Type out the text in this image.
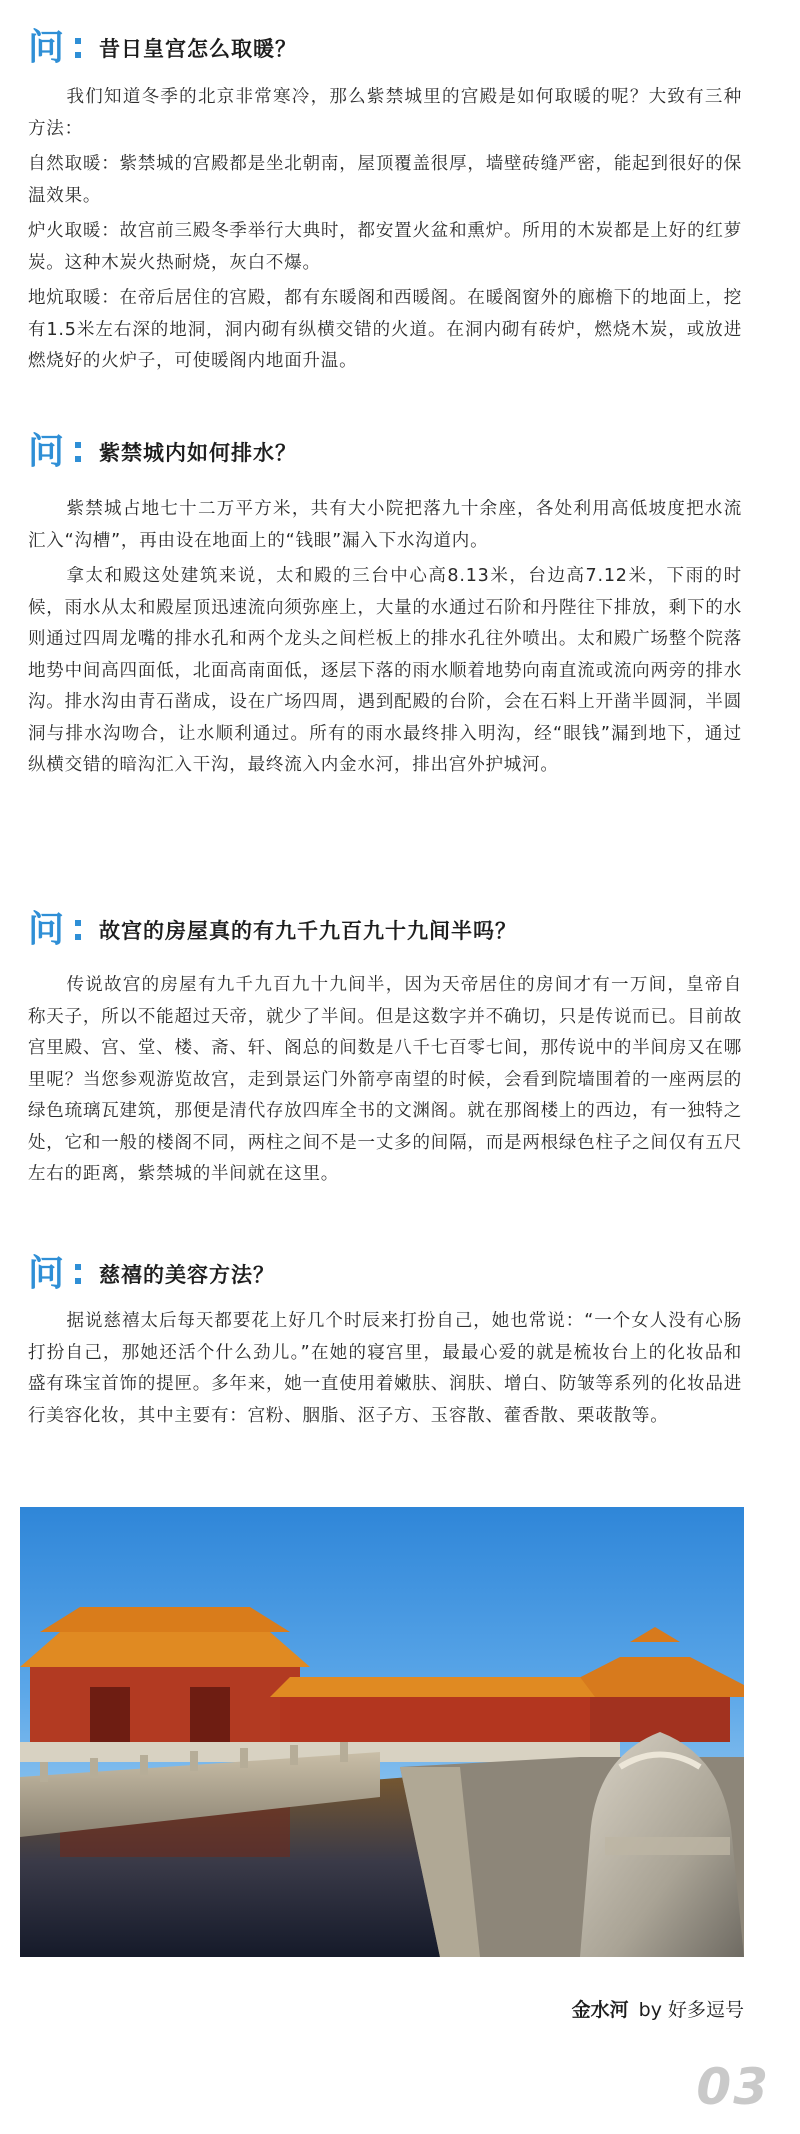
问 昔日皇宫怎么取暖？

我们知道冬季的北京非常寒冷，那么紫禁城里的宫殿是如何取暖的呢？大致有三种方法：

自然取暖：紫禁城的宫殿都是坐北朝南，屋顶覆盖很厚，墙壁砖缝严密，能起到很好的保温效果。

炉火取暖：故宫前三殿冬季举行大典时，都安置火盆和熏炉。所用的木炭都是上好的红萝炭。这种木炭火热耐烧，灰白不爆。

地炕取暖：在帝后居住的宫殿，都有东暖阁和西暖阁。在暖阁窗外的廊檐下的地面上，挖有1.5米左右深的地洞，洞内砌有纵横交错的火道。在洞内砌有砖炉，燃烧木炭，或放进燃烧好的火炉子，可使暖阁内地面升温。

问 紫禁城内如何排水？

紫禁城占地七十二万平方米，共有大小院把落九十余座，各处利用高低坡度把水流汇入“沟槽”，再由设在地面上的“钱眼”漏入下水沟道内。

拿太和殿这处建筑来说，太和殿的三台中心高8.13米，台边高7.12米，下雨的时候，雨水从太和殿屋顶迅速流向须弥座上，大量的水通过石阶和丹陛往下排放，剩下的水则通过四周龙嘴的排水孔和两个龙头之间栏板上的排水孔往外喷出。太和殿广场整个院落地势中间高四面低，北面高南面低，逐层下落的雨水顺着地势向南直流或流向两旁的排水沟。排水沟由青石凿成，设在广场四周，遇到配殿的台阶，会在石料上开凿半圆洞，半圆洞与排水沟吻合，让水顺利通过。所有的雨水最终排入明沟，经“眼钱”漏到地下，通过纵横交错的暗沟汇入干沟，最终流入内金水河，排出宫外护城河。

问 故宫的房屋真的有九千九百九十九间半吗？

传说故宫的房屋有九千九百九十九间半，因为天帝居住的房间才有一万间，皇帝自称天子，所以不能超过天帝，就少了半间。但是这数字并不确切，只是传说而已。目前故宫里殿、宫、堂、楼、斋、轩、阁总的间数是八千七百零七间，那传说中的半间房又在哪里呢？当您参观游览故宫，走到景运门外箭亭南望的时候，会看到院墙围着的一座两层的绿色琉璃瓦建筑，那便是清代存放四库全书的文渊阁。就在那阁楼上的西边，有一独特之处，它和一般的楼阁不同，两柱之间不是一丈多的间隔，而是两根绿色柱子之间仅有五尺左右的距离，紫禁城的半间就在这里。

问 慈禧的美容方法？

据说慈禧太后每天都要花上好几个时辰来打扮自己，她也常说：“一个女人没有心肠打扮自己，那她还活个什么劲儿。”在她的寝宫里，最最心爱的就是梳妆台上的化妆品和盛有珠宝首饰的提匣。多年来，她一直使用着嫩肤、润肤、增白、防皱等系列的化妆品进行美容化妆，其中主要有：宫粉、胭脂、沤子方、玉容散、藿香散、栗荍散等。

金水河 by 好多逗号
03
